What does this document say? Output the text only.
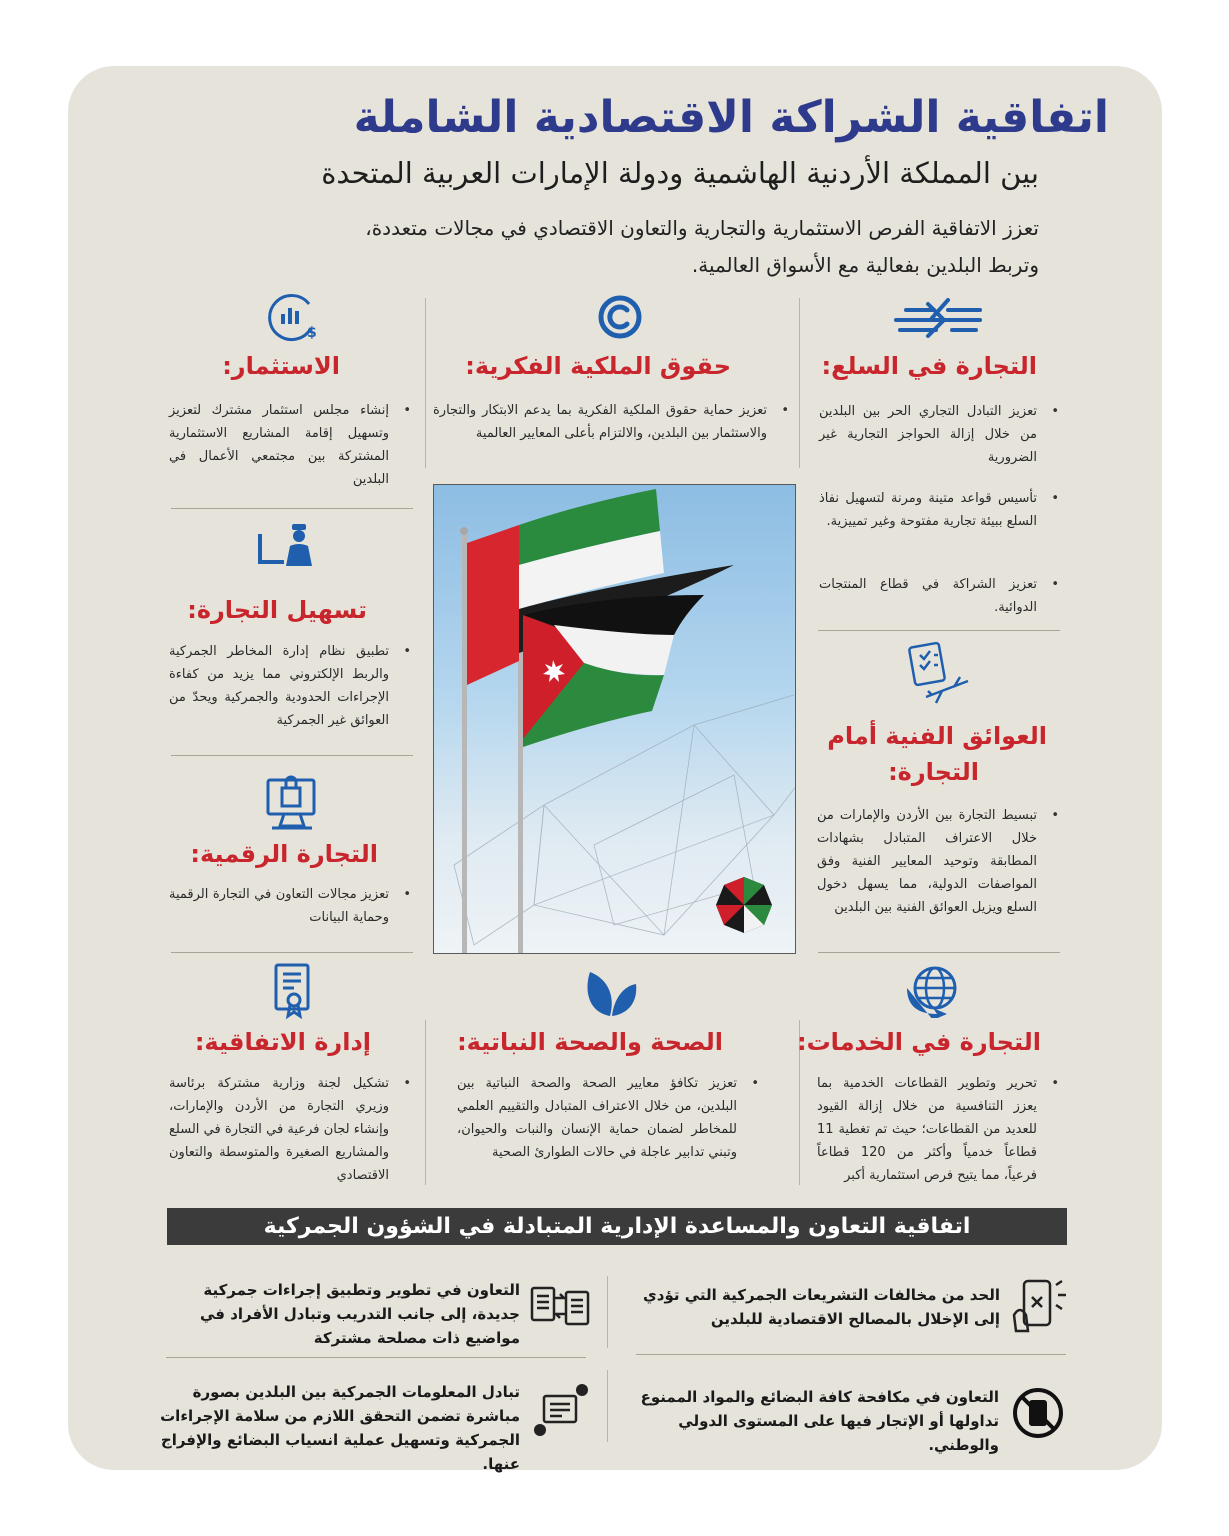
اتفاقية الشراكة الاقتصادية الشاملة
بين المملكة الأردنية الهاشمية ودولة الإمارات العربية المتحدة
تعزز الاتفاقية الفرص الاستثمارية والتجارية والتعاون الاقتصادي في مجالات متعددة، وتربط البلدين بفعالية مع الأسواق العالمية.
التجارة في السلع:
• تعزيز التبادل التجاري الحر بين البلدين من خلال إزالة الحواجز التجارية غير الضرورية
• تأسيس قواعد متينة ومرنة لتسهيل نفاذ السلع ببيئة تجارية مفتوحة وغير تمييزية.
• تعزيز الشراكة في قطاع المنتجات الدوائية.
حقوق الملكية الفكرية:
• تعزيز حماية حقوق الملكية الفكرية بما يدعم الابتكار والتجارة والاستثمار بين البلدين، والالتزام بأعلى المعايير العالمية
$
الاستثمار:
• إنشاء مجلس استثمار مشترك لتعزيز وتسهيل إقامة المشاريع الاستثمارية المشتركة بين مجتمعي الأعمال في البلدين
تسهيل التجارة:
• تطبيق نظام إدارة المخاطر الجمركية والربط الإلكتروني مما يزيد من كفاءة الإجراءات الحدودية والجمركية ويحدّ من العوائق غير الجمركية
التجارة الرقمية:
• تعزيز مجالات التعاون في التجارة الرقمية وحماية البيانات
العوائق الفنية أمام
التجارة:
• تبسيط التجارة بين الأردن والإمارات من خلال الاعتراف المتبادل بشهادات المطابقة وتوحيد المعايير الفنية وفق المواصفات الدولية، مما يسهل دخول السلع ويزيل العوائق الفنية بين البلدين
التجارة في الخدمات:
• تحرير وتطوير القطاعات الخدمية بما يعزز التنافسية من خلال إزالة القيود للعديد من القطاعات؛ حيث تم تغطية 11 قطاعاً خدمياً وأكثر من 120 قطاعاً فرعياً، مما يتيح فرص استثمارية أكبر
الصحة والصحة النباتية:
• تعزيز تكافؤ معايير الصحة والصحة النباتية بين البلدين، من خلال الاعتراف المتبادل والتقييم العلمي للمخاطر لضمان حماية الإنسان والنبات والحيوان، وتبني تدابير عاجلة في حالات الطوارئ الصحية
إدارة الاتفاقية:
• تشكيل لجنة وزارية مشتركة برئاسة وزيري التجارة من الأردن والإمارات، وإنشاء لجان فرعية في التجارة في السلع والمشاريع الصغيرة والمتوسطة والتعاون الاقتصادي
اتفاقية التعاون والمساعدة الإدارية المتبادلة في الشؤون الجمركية
الحد من مخالفات التشريعات الجمركية التي تؤدي إلى الإخلال بالمصالح الاقتصادية للبلدين
التعاون في تطوير وتطبيق إجراءات جمركية جديدة، إلى جانب التدريب وتبادل الأفراد في مواضيع ذات مصلحة مشتركة
التعاون في مكافحة كافة البضائع والمواد الممنوع تداولها أو الإتجار فيها على المستوى الدولي والوطني.
تبادل المعلومات الجمركية بين البلدين بصورة مباشرة تضمن التحقق اللازم من سلامة الإجراءات الجمركية وتسهيل عملية انسياب البضائع والإفراج عنها.
